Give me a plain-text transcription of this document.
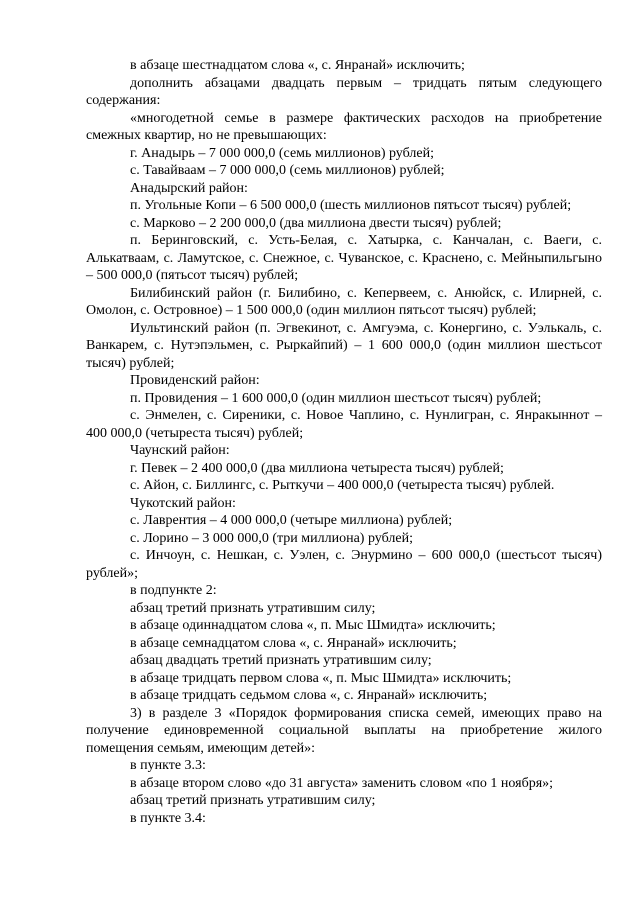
в абзаце шестнадцатом слова «, с. Янранай» исключить;

дополнить абзацами двадцать первым – тридцать пятым следующего содержания:

«многодетной семье в размере фактических расходов на приобретение смежных квартир, но не превышающих:

г. Анадырь – 7 000 000,0 (семь миллионов) рублей;

с. Тавайваам – 7 000 000,0 (семь миллионов) рублей;

Анадырский район:

п. Угольные Копи – 6 500 000,0 (шесть миллионов пятьсот тысяч) рублей;

с. Марково – 2 200 000,0 (два миллиона двести тысяч) рублей;

п. Беринговский, с. Усть-Белая, с. Хатырка, с. Канчалан, с. Ваеги, с. Алькатваам, с. Ламутское, с. Снежное, с. Чуванское, с. Краснено, с. Мейныпильгыно – 500 000,0 (пятьсот тысяч) рублей;

Билибинский район (г. Билибино, с. Кепервеем, с. Анюйск, с. Илирней, с. Омолон, с. Островное) – 1 500 000,0 (один миллион пятьсот тысяч) рублей;

Иультинский район (п. Эгвекинот, с. Амгуэма, с. Конергино, с. Уэлькаль, с. Ванкарем, с. Нутэпэльмен, с. Рыркайпий) – 1 600 000,0 (один миллион шестьсот тысяч) рублей;

Провиденский район:

п. Провидения – 1 600 000,0 (один миллион шестьсот тысяч) рублей;

с. Энмелен, с. Сиреники, с. Новое Чаплино, с. Нунлигран, с. Янракыннот – 400 000,0 (четыреста тысяч) рублей;

Чаунский район:

г. Певек – 2 400 000,0 (два миллиона четыреста тысяч) рублей;

с. Айон, с. Биллингс, с. Рыткучи – 400 000,0 (четыреста тысяч) рублей.

Чукотский район:

с. Лаврентия – 4 000 000,0 (четыре миллиона) рублей;

с. Лорино – 3 000 000,0 (три миллиона) рублей;

с. Инчоун, с. Нешкан, с. Уэлен, с. Энурмино – 600 000,0 (шестьсот тысяч) рублей»;

в подпункте 2:

абзац третий признать утратившим силу;

в абзаце одиннадцатом слова «, п. Мыс Шмидта» исключить;

в абзаце семнадцатом слова «, с. Янранай» исключить;

абзац двадцать третий признать утратившим силу;

в абзаце тридцать первом слова «, п. Мыс Шмидта» исключить;

в абзаце тридцать седьмом слова «, с. Янранай» исключить;

3) в разделе 3 «Порядок формирования списка семей, имеющих право на получение единовременной социальной выплаты на приобретение жилого помещения семьям, имеющим детей»:

в пункте 3.3:

в абзаце втором слово «до 31 августа» заменить словом «по 1 ноября»;

абзац третий признать утратившим силу;

в пункте 3.4:
